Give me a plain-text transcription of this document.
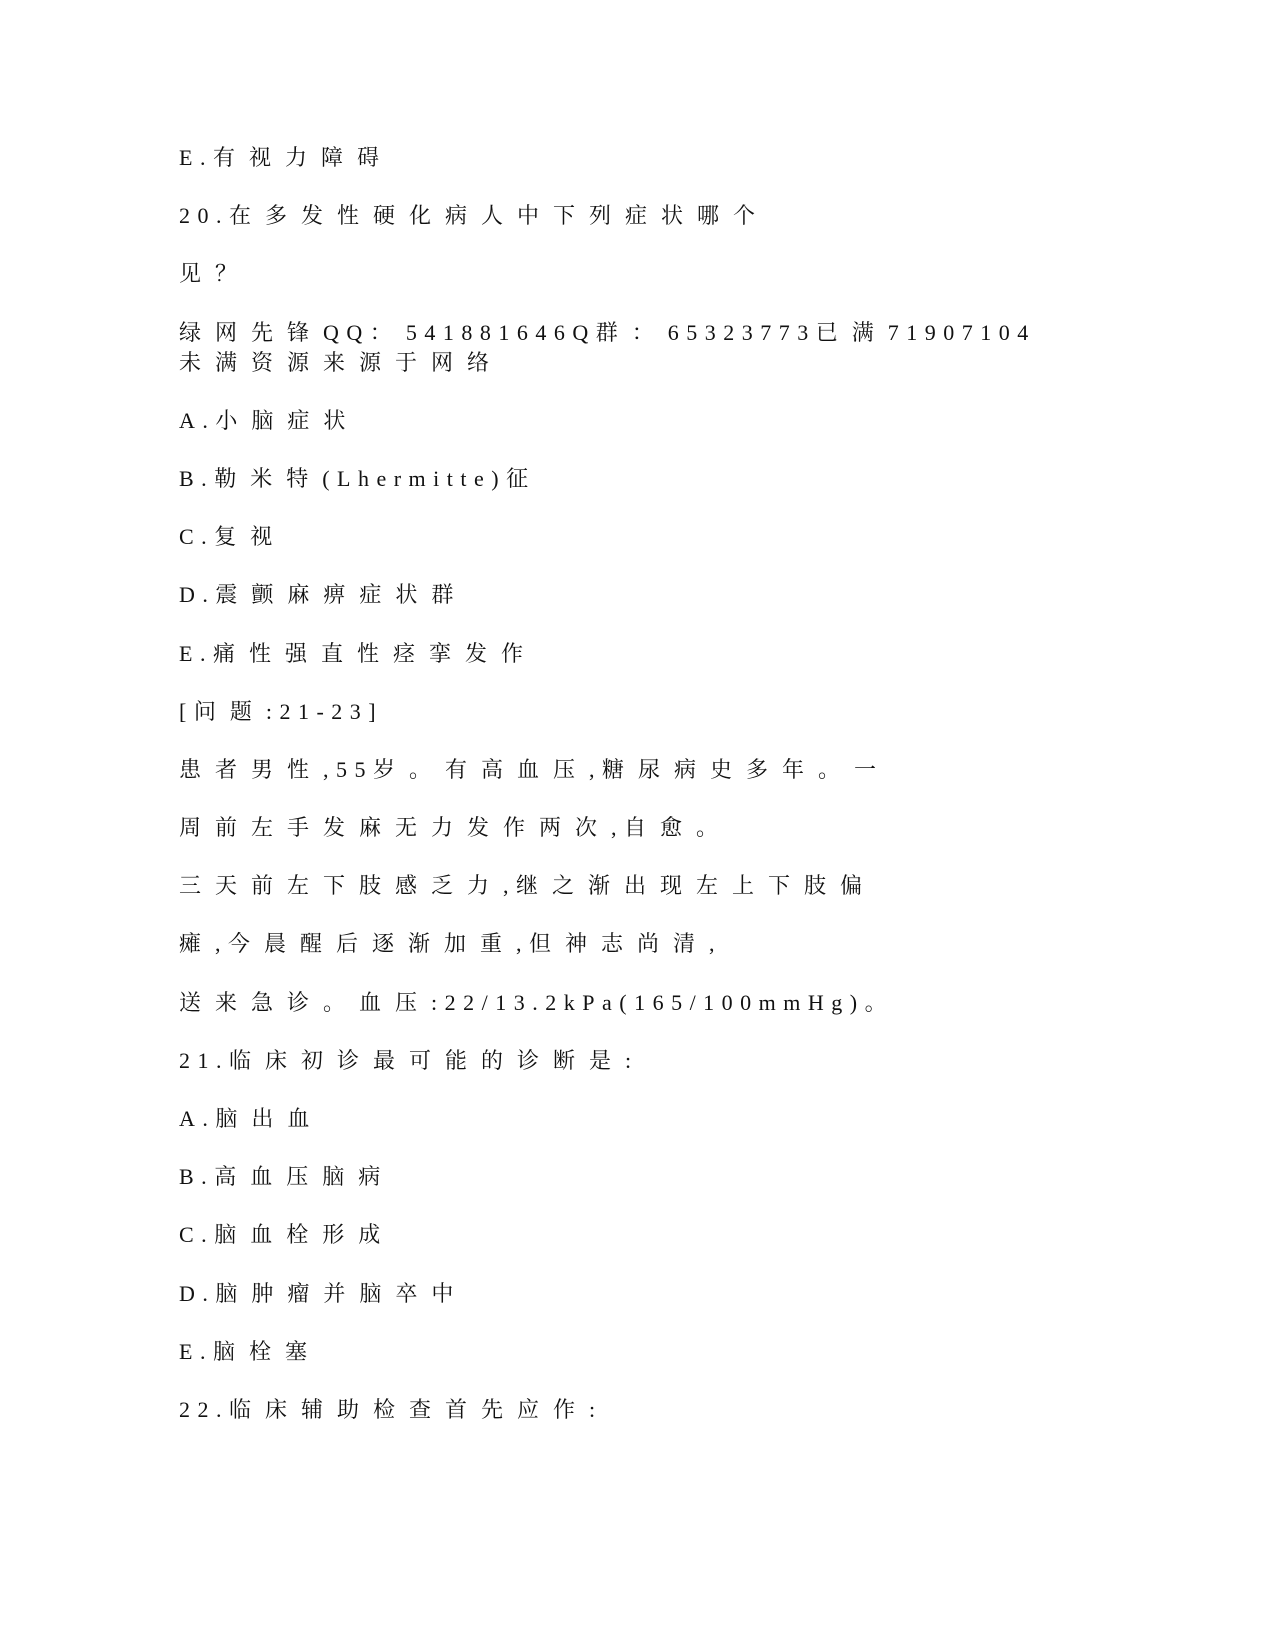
E.有视力障碍
20.在多发性硬化病人中下列症状哪个
见？
绿网先锋QQ：541881646Q群：65323773已满71907104
未满资源来源于网络
A.小脑症状
B.勒米特(Lhermitte)征
C.复视
D.震颤麻痹症状群
E.痛性强直性痉挛发作
[问题:21-23]
患者男性,55岁。有高血压,糖尿病史多年。一
周前左手发麻无力发作两次,自愈。
三天前左下肢感乏力,继之渐出现左上下肢偏
瘫,今晨醒后逐渐加重,但神志尚清,
送来急诊。血压:22/13.2kPa(165/100mmHg)。
21.临床初诊最可能的诊断是:
A.脑出血
B.高血压脑病
C.脑血栓形成
D.脑肿瘤并脑卒中
E.脑栓塞
22.临床辅助检查首先应作:
